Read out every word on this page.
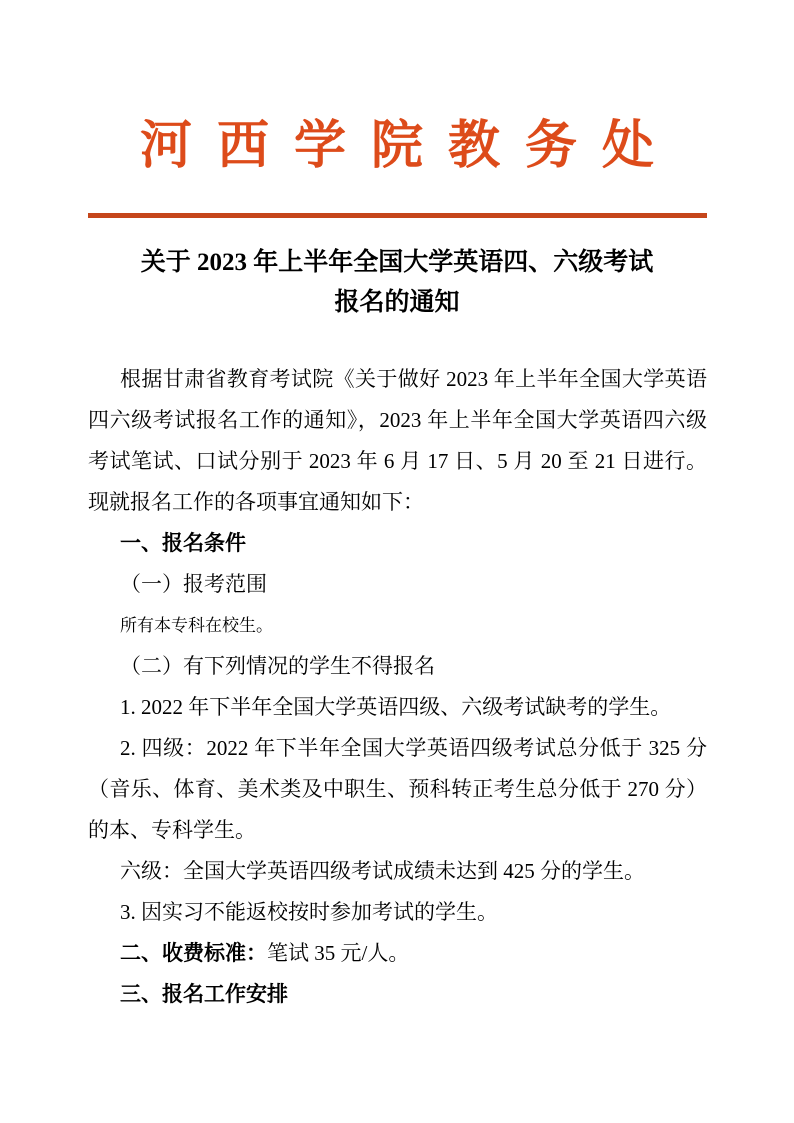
河 西 学 院 教 务 处
关于 2023 年上半年全国大学英语四、六级考试
报名的通知

根据甘肃省教育考试院《关于做好 2023 年上半年全国大学英语四六级考试报名工作的通知》，2023 年上半年全国大学英语四六级考试笔试、口试分别于 2023 年 6 月 17 日、5 月 20 至 21 日进行。现就报名工作的各项事宜通知如下：

一、报名条件

（一）报考范围

所有本专科在校生。

（二）有下列情况的学生不得报名

1. 2022 年下半年全国大学英语四级、六级考试缺考的学生。

2. 四级：2022 年下半年全国大学英语四级考试总分低于 325 分（音乐、体育、美术类及中职生、预科转正考生总分低于 270 分）的本、专科学生。

六级：全国大学英语四级考试成绩未达到 425 分的学生。

3. 因实习不能返校按时参加考试的学生。

二、收费标准：笔试 35 元/人。

三、报名工作安排
